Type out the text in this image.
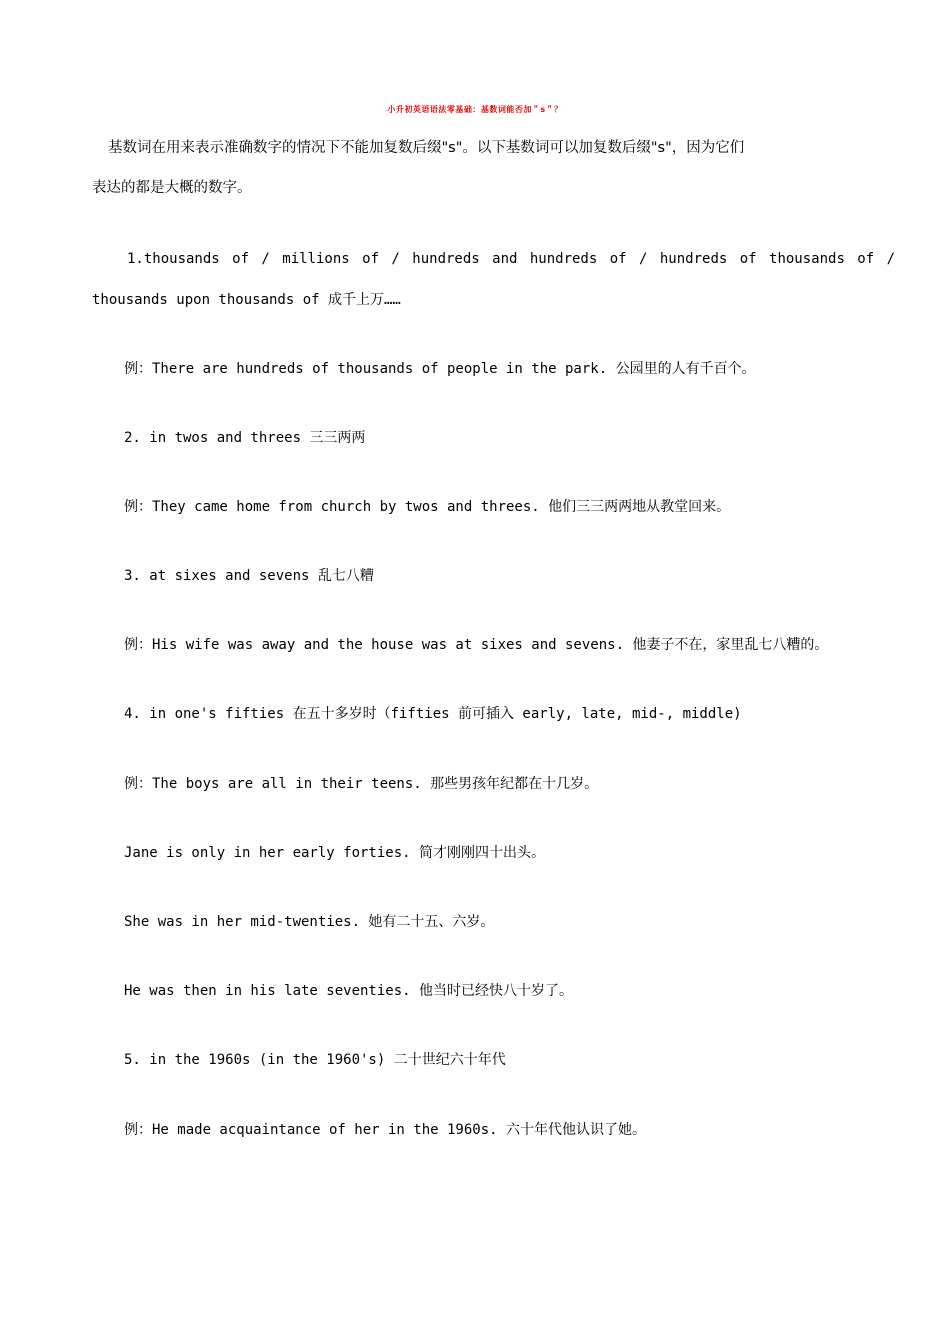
小升初英语语法零基础：基数词能否加＂s＂？
基数词在用来表示准确数字的情况下不能加复数后缀"s"。以下基数词可以加复数后缀"s"，因为它们
表达的都是大概的数字。
1.thousands of / millions of / hundreds and hundreds of / hundreds of thousands of /
thousands upon thousands of 成千上万……
例：There are hundreds of thousands of people in the park. 公园里的人有千百个。
2. in twos and threes 三三两两
例：They came home from church by twos and threes. 他们三三两两地从教堂回来。
3. at sixes and sevens 乱七八糟
例：His wife was away and the house was at sixes and sevens. 他妻子不在，家里乱七八糟的。
4. in one's fifties 在五十多岁时（fifties 前可插入 early, late, mid-, middle)
例：The boys are all in their teens. 那些男孩年纪都在十几岁。
Jane is only in her early forties. 简才刚刚四十出头。
She was in her mid-twenties. 她有二十五、六岁。
He was then in his late seventies. 他当时已经快八十岁了。
5. in the 1960s (in the 1960's) 二十世纪六十年代
例：He made acquaintance of her in the 1960s. 六十年代他认识了她。
